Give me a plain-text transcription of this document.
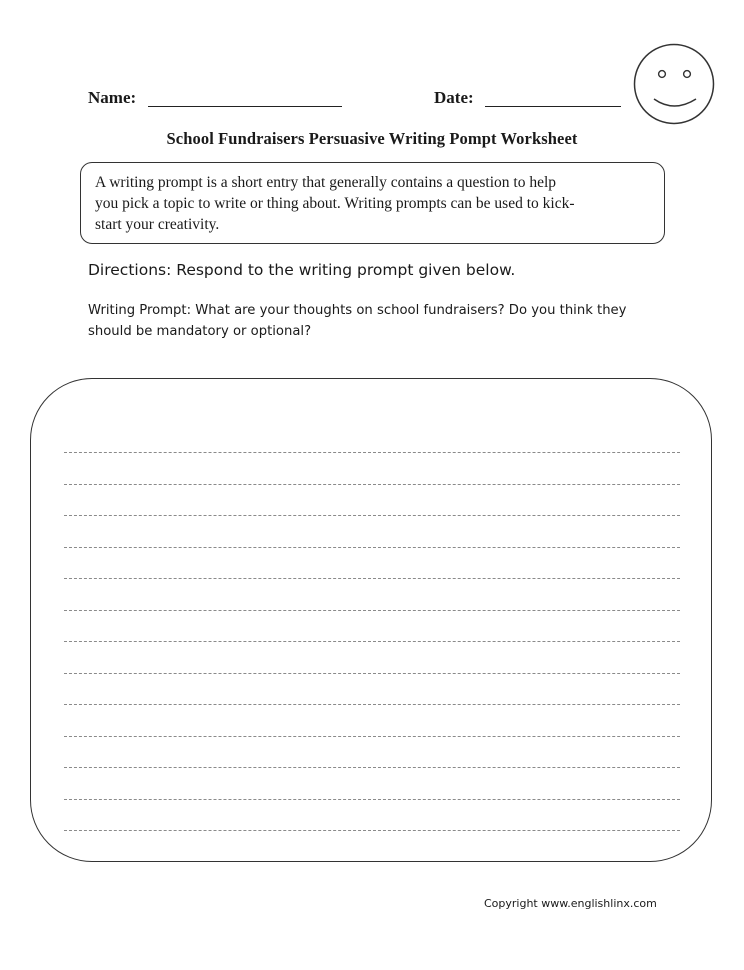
Name:	Date:
School Fundraisers Persuasive Writing Pompt Worksheet
A writing prompt is a short entry that generally contains a question to help
you pick a topic to write or thing about. Writing prompts can be used to kick-
start your creativity.
Directions: Respond to the writing prompt given below.
Writing Prompt: What are your thoughts on school fundraisers? Do you think they
should be mandatory or optional?
Copyright www.englishlinx.com
